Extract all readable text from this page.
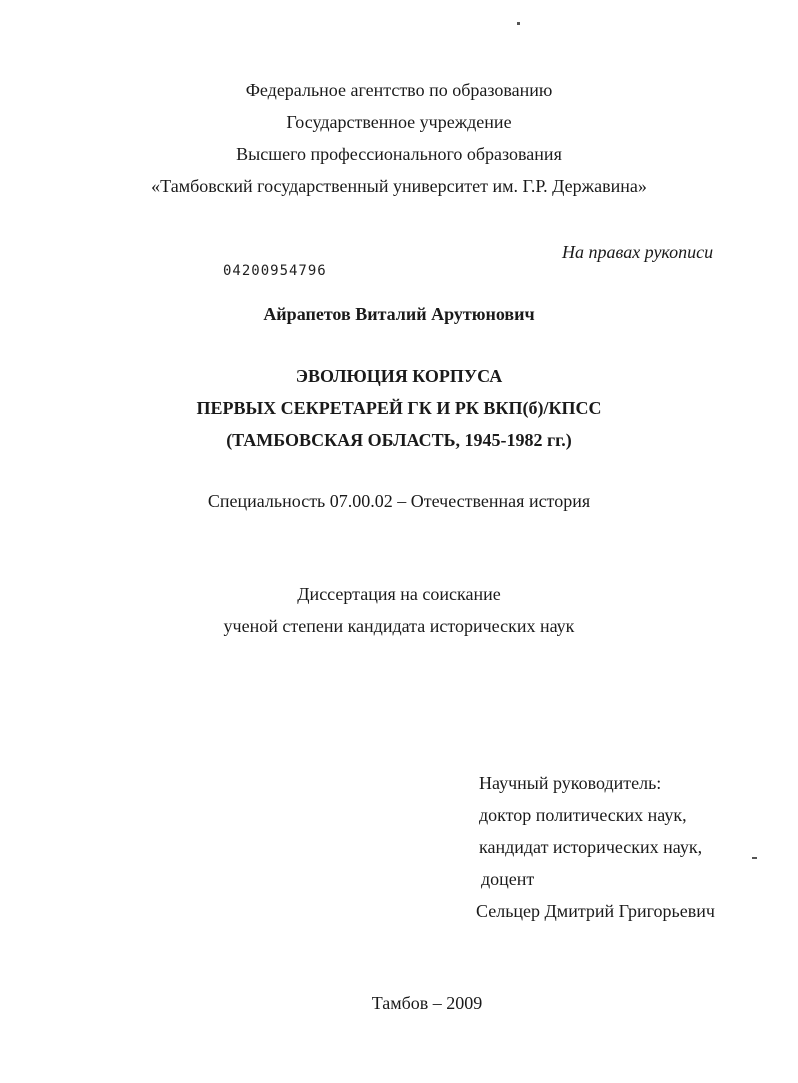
Федеральное агентство по образованию
Государственное учреждение
Высшего профессионального образования
«Тамбовский государственный университет им. Г.Р. Державина»
На правах рукописи
04200954796
Айрапетов Виталий Арутюнович
ЭВОЛЮЦИЯ КОРПУСА
ПЕРВЫХ СЕКРЕТАРЕЙ ГК И РК ВКП(б)/КПСС
(ТАМБОВСКАЯ ОБЛАСТЬ, 1945-1982 гг.)
Специальность 07.00.02 – Отечественная история
Диссертация на соискание
ученой степени кандидата исторических наук
Научный руководитель:
доктор политических наук,
кандидат исторических наук,
доцент
Сельцер Дмитрий Григорьевич
Тамбов – 2009
